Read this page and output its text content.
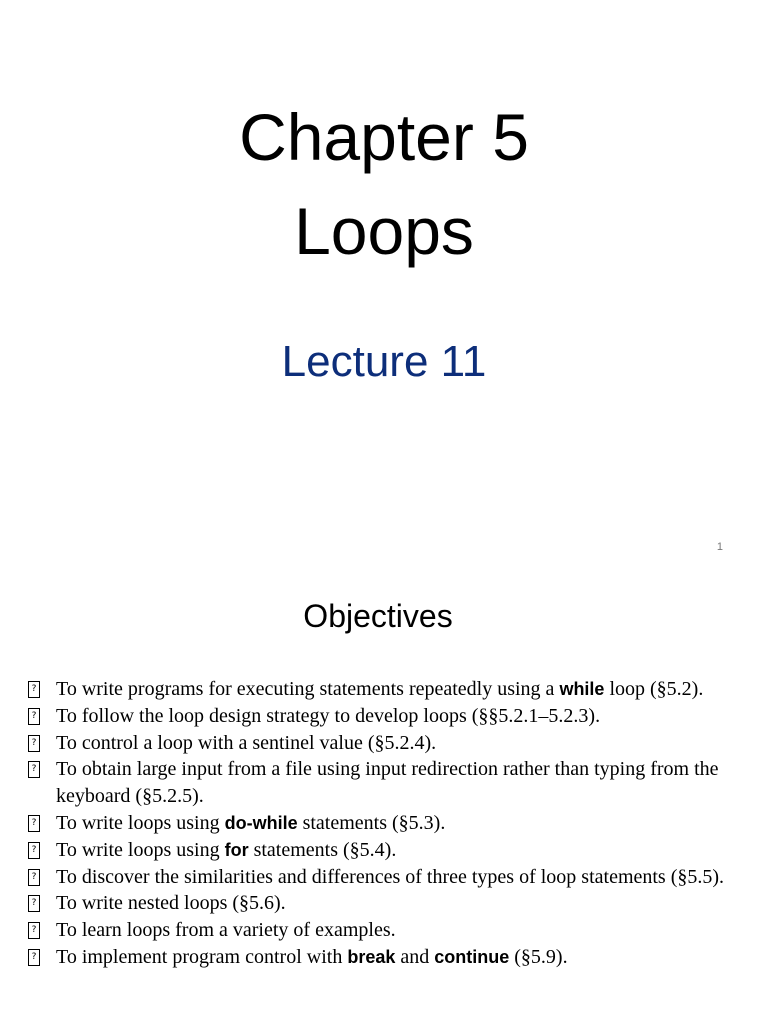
Chapter 5
Loops
Lecture 11
1
Objectives
? To write programs for executing statements repeatedly using a while loop (§5.2).
? To follow the loop design strategy to develop loops (§§5.2.1–5.2.3).
? To control a loop with a sentinel value (§5.2.4).
? To obtain large input from a file using input redirection rather than typing from the keyboard (§5.2.5).
? To write loops using do-while statements (§5.3).
? To write loops using for statements (§5.4).
? To discover the similarities and differences of three types of loop statements (§5.5).
? To write nested loops (§5.6).
? To learn loops from a variety of examples.
? To implement program control with break and continue (§5.9).
